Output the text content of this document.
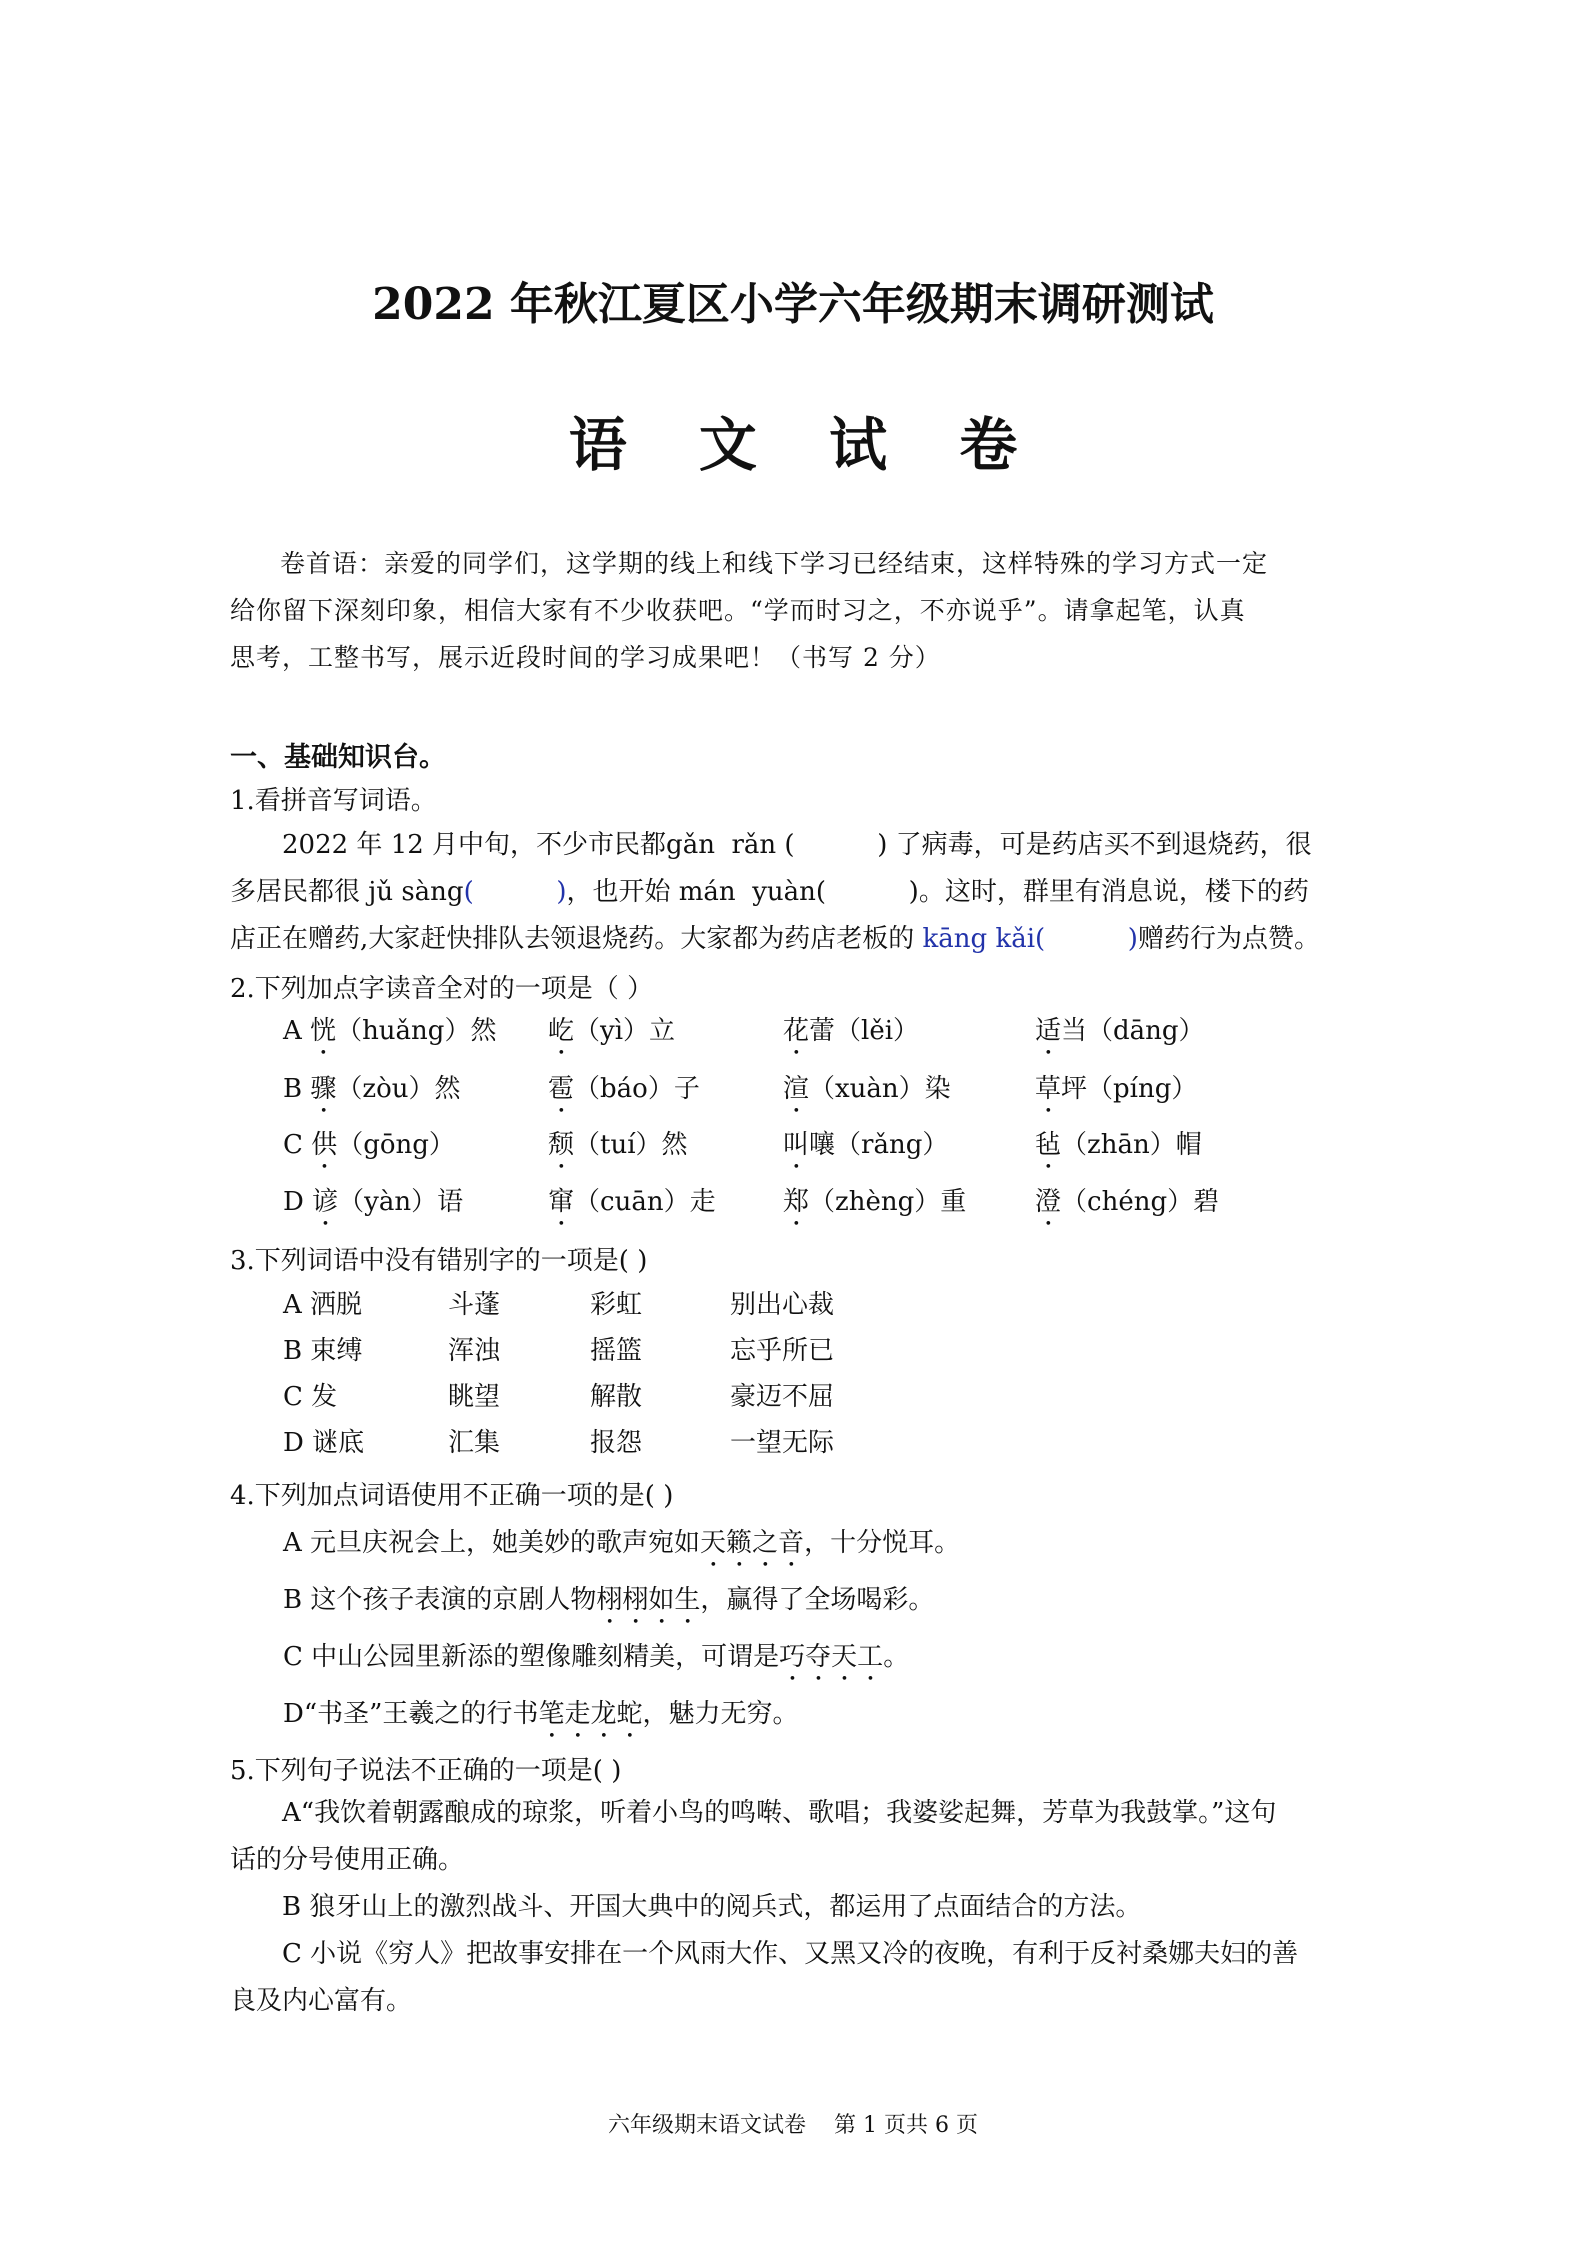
2022 年秋江夏区小学六年级期末调研测试
语 文 试 卷
卷首语：亲爱的同学们，这学期的线上和线下学习已经结束，这样特殊的学习方式一定
给你留下深刻印象，相信大家有不少收获吧。“学而时习之，不亦说乎”。请拿起笔，认真
思考，工整书写，展示近段时间的学习成果吧！（书写 2 分）
一、基础知识台。
1.看拼音写词语。
2022 年 12 月中旬，不少市民都gǎn  rǎn (          ) 了病毒，可是药店买不到退烧药，很
多居民都很 jǔ sàng(          )，也开始 mán  yuàn(          )。这时，群里有消息说，楼下的药
店正在赠药,大家赶快排队去领退烧药。大家都为药店老板的 kāng kǎi(          )赠药行为点赞。
2.下列加点字读音全对的一项是（ ）
A 恍（huǎng）然 屹（yì）立	花蕾（lěi）	适当（dāng）
B 骤（zòu）然	雹（báo）子	渲（xuàn）染	草坪（píng）
C 供（gōng）	颓（tuí）然	叫嚷（rǎng）	毡（zhān）帽
D 谚（yàn）语	窜（cuān）走	郑（zhèng）重	澄（chéng）碧
3.下列词语中没有错别字的一项是( )
A 洒脱	斗蓬	彩虹	别出心裁
B 束缚	浑浊	摇篮	忘乎所已
C 发	眺望	解散	豪迈不屈
D 谜底	汇集	报怨	一望无际
4.下列加点词语使用不正确一项的是( )
A 元旦庆祝会上，她美妙的歌声宛如天籁之音，十分悦耳。
B 这个孩子表演的京剧人物栩栩如生，赢得了全场喝彩。
C 中山公园里新添的塑像雕刻精美，可谓是巧夺天工。
D“书圣”王羲之的行书笔走龙蛇，魅力无穷。
5.下列句子说法不正确的一项是( )
A“我饮着朝露酿成的琼浆，听着小鸟的鸣啭、歌唱；我婆娑起舞，芳草为我鼓掌。”这句
话的分号使用正确。
B 狼牙山上的激烈战斗、开国大典中的阅兵式，都运用了点面结合的方法。
C 小说《穷人》把故事安排在一个风雨大作、又黑又冷的夜晚，有利于反衬桑娜夫妇的善
良及内心富有。
六年级期末语文试卷    第 1 页共 6 页
